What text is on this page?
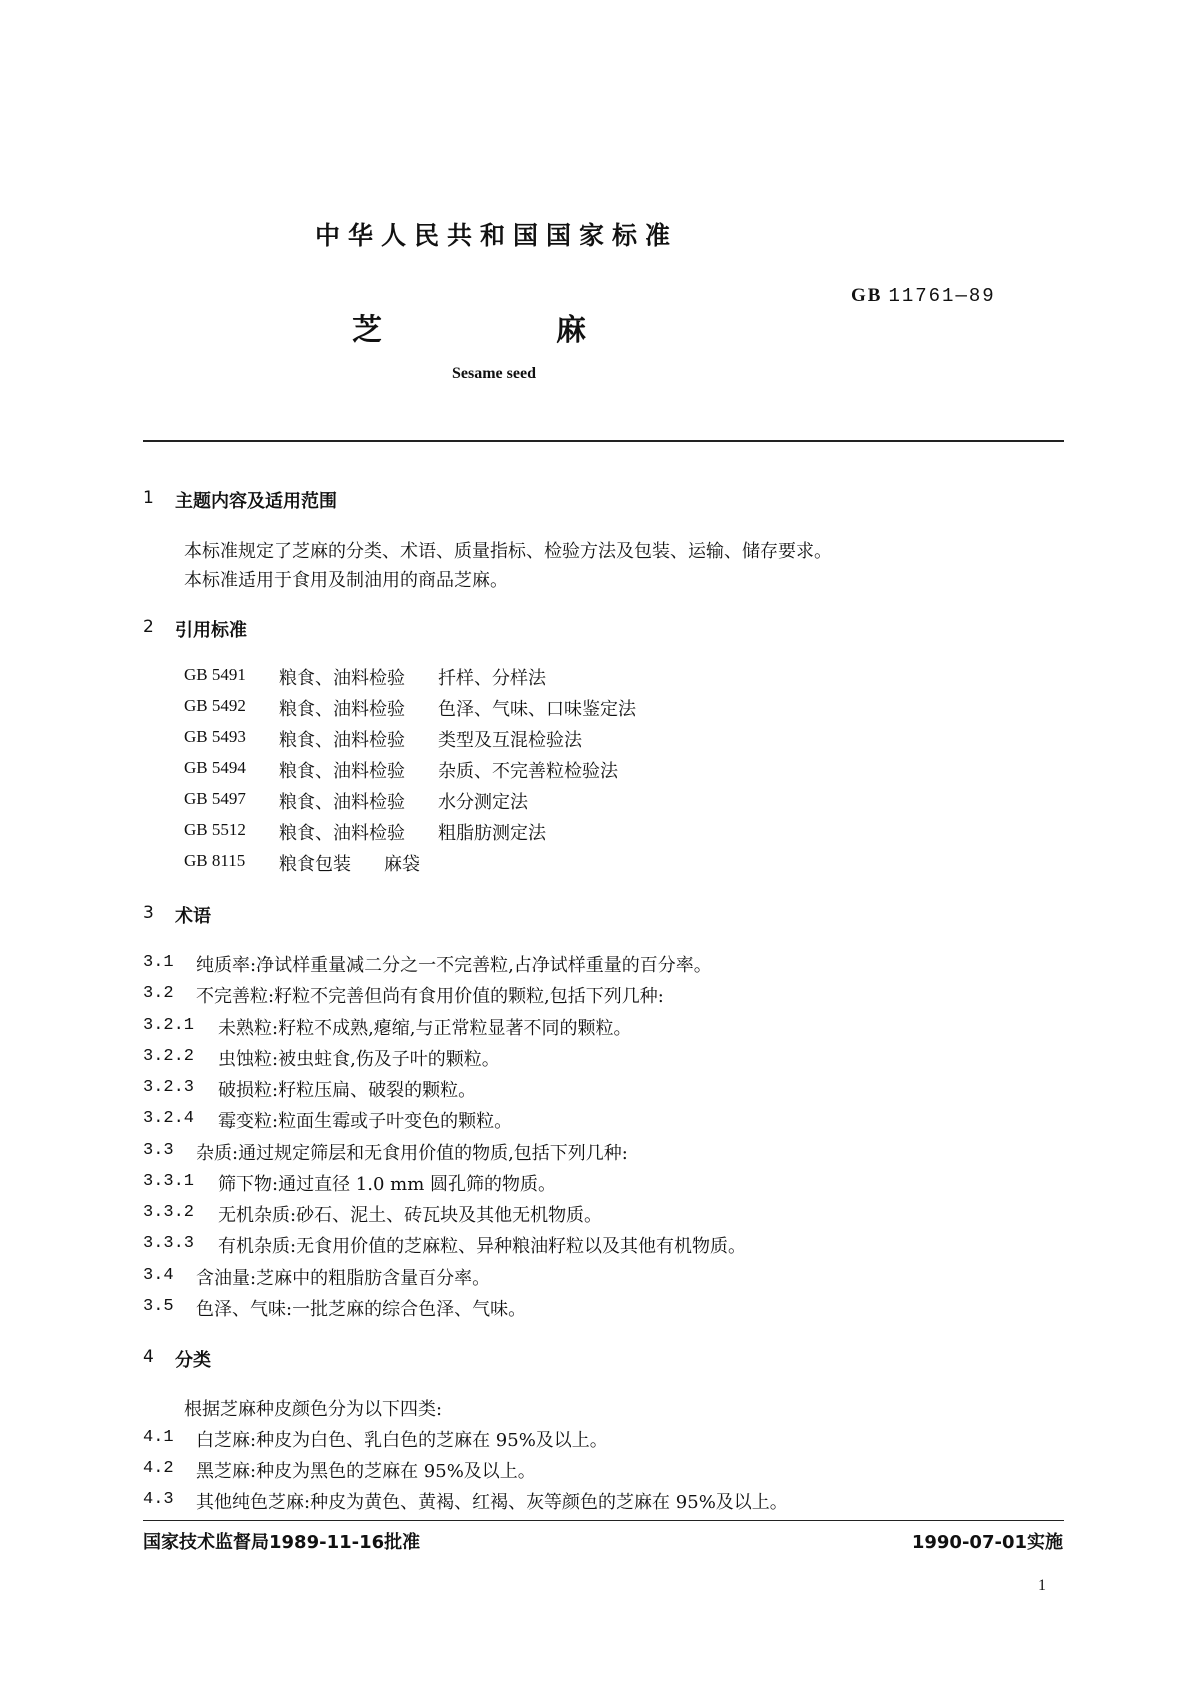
中华人民共和国国家标准
GB 11761—89
芝	麻
Sesame seed
1 主题内容及适用范围
本标准规定了芝麻的分类、术语、质量指标、检验方法及包装、运输、储存要求。
本标准适用于食用及制油用的商品芝麻。
2 引用标准
GB 5491 粮食、油料检验 扦样、分样法
GB 5492 粮食、油料检验 色泽、气味、口味鉴定法
GB 5493 粮食、油料检验 类型及互混检验法
GB 5494 粮食、油料检验 杂质、不完善粒检验法
GB 5497 粮食、油料检验 水分测定法
GB 5512 粮食、油料检验 粗脂肪测定法
GB 8115 粮食包装 麻袋
3 术语
3.1 纯质率:净试样重量减二分之一不完善粒,占净试样重量的百分率。
3.2 不完善粒:籽粒不完善但尚有食用价值的颗粒,包括下列几种:
3.2.1 未熟粒:籽粒不成熟,瘪缩,与正常粒显著不同的颗粒。
3.2.2 虫蚀粒:被虫蛀食,伤及子叶的颗粒。
3.2.3 破损粒:籽粒压扁、破裂的颗粒。
3.2.4 霉变粒:粒面生霉或子叶变色的颗粒。
3.3 杂质:通过规定筛层和无食用价值的物质,包括下列几种:
3.3.1 筛下物:通过直径 1.0 mm 圆孔筛的物质。
3.3.2 无机杂质:砂石、泥土、砖瓦块及其他无机物质。
3.3.3 有机杂质:无食用价值的芝麻粒、异种粮油籽粒以及其他有机物质。
3.4 含油量:芝麻中的粗脂肪含量百分率。
3.5 色泽、气味:一批芝麻的综合色泽、气味。
4 分类
根据芝麻种皮颜色分为以下四类:
4.1 白芝麻:种皮为白色、乳白色的芝麻在 95%及以上。
4.2 黑芝麻:种皮为黑色的芝麻在 95%及以上。
4.3 其他纯色芝麻:种皮为黄色、黄褐、红褐、灰等颜色的芝麻在 95%及以上。
国家技术监督局1989-11-16批准	1990-07-01实施
1
